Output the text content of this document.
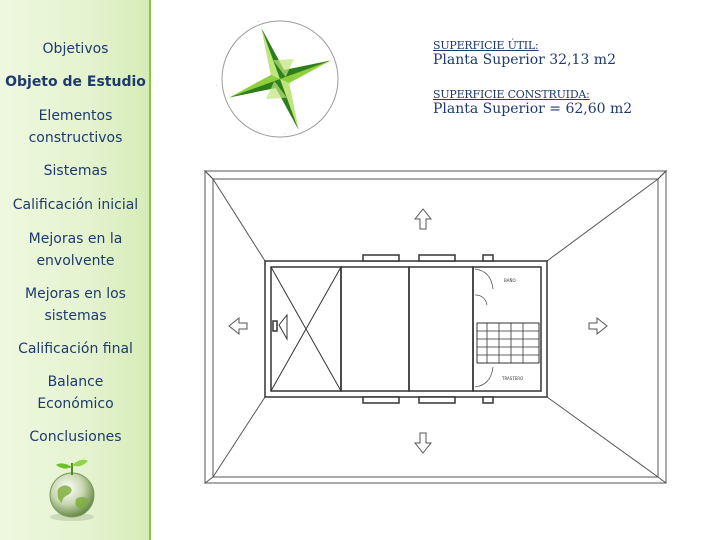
Objetivos
Objeto de Estudio
Elementos constructivos
Sistemas
Calificación inicial
Mejoras en la envolvente
Mejoras en los sistemas
Calificación final
Balance Económico
Conclusiones
·
·
·
SUPERFICIE ÚTIL:
Planta Superior 32,13 m2
SUPERFICIE CONSTRUIDA:
Planta Superior = 62,60 m2
BAÑO
TRASTERO
